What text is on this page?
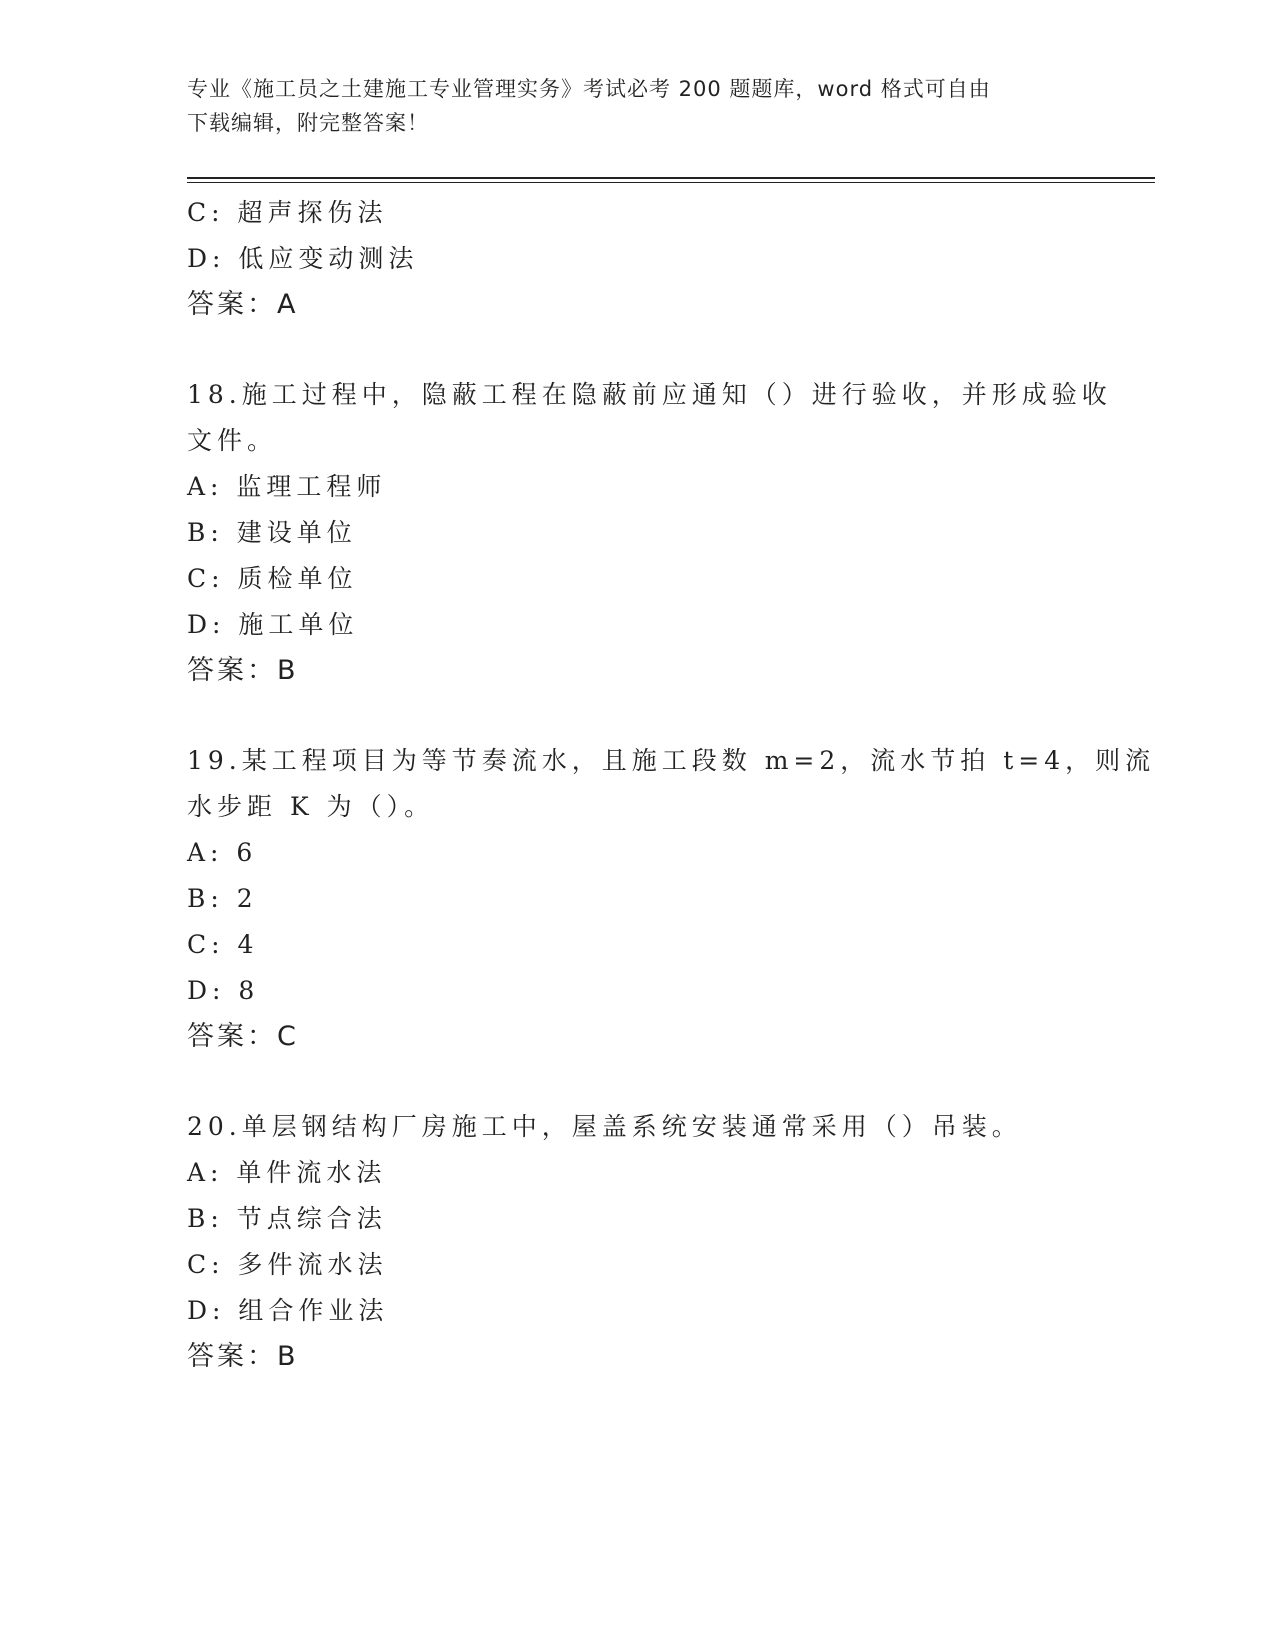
专业《施工员之土建施工专业管理实务》考试必考 200 题题库，word 格式可自由
下载编辑，附完整答案！
C: 超声探伤法
D: 低应变动测法
答案：A
18.施工过程中，隐蔽工程在隐蔽前应通知（）进行验收，并形成验收
文件。
A: 监理工程师
B: 建设单位
C: 质检单位
D: 施工单位
答案：B
19.某工程项目为等节奏流水，且施工段数 m=2，流水节拍 t=4，则流
水步距 K 为（）。
A: 6
B: 2
C: 4
D: 8
答案：C
20.单层钢结构厂房施工中，屋盖系统安装通常采用（）吊装。
A: 单件流水法
B: 节点综合法
C: 多件流水法
D: 组合作业法
答案：B
